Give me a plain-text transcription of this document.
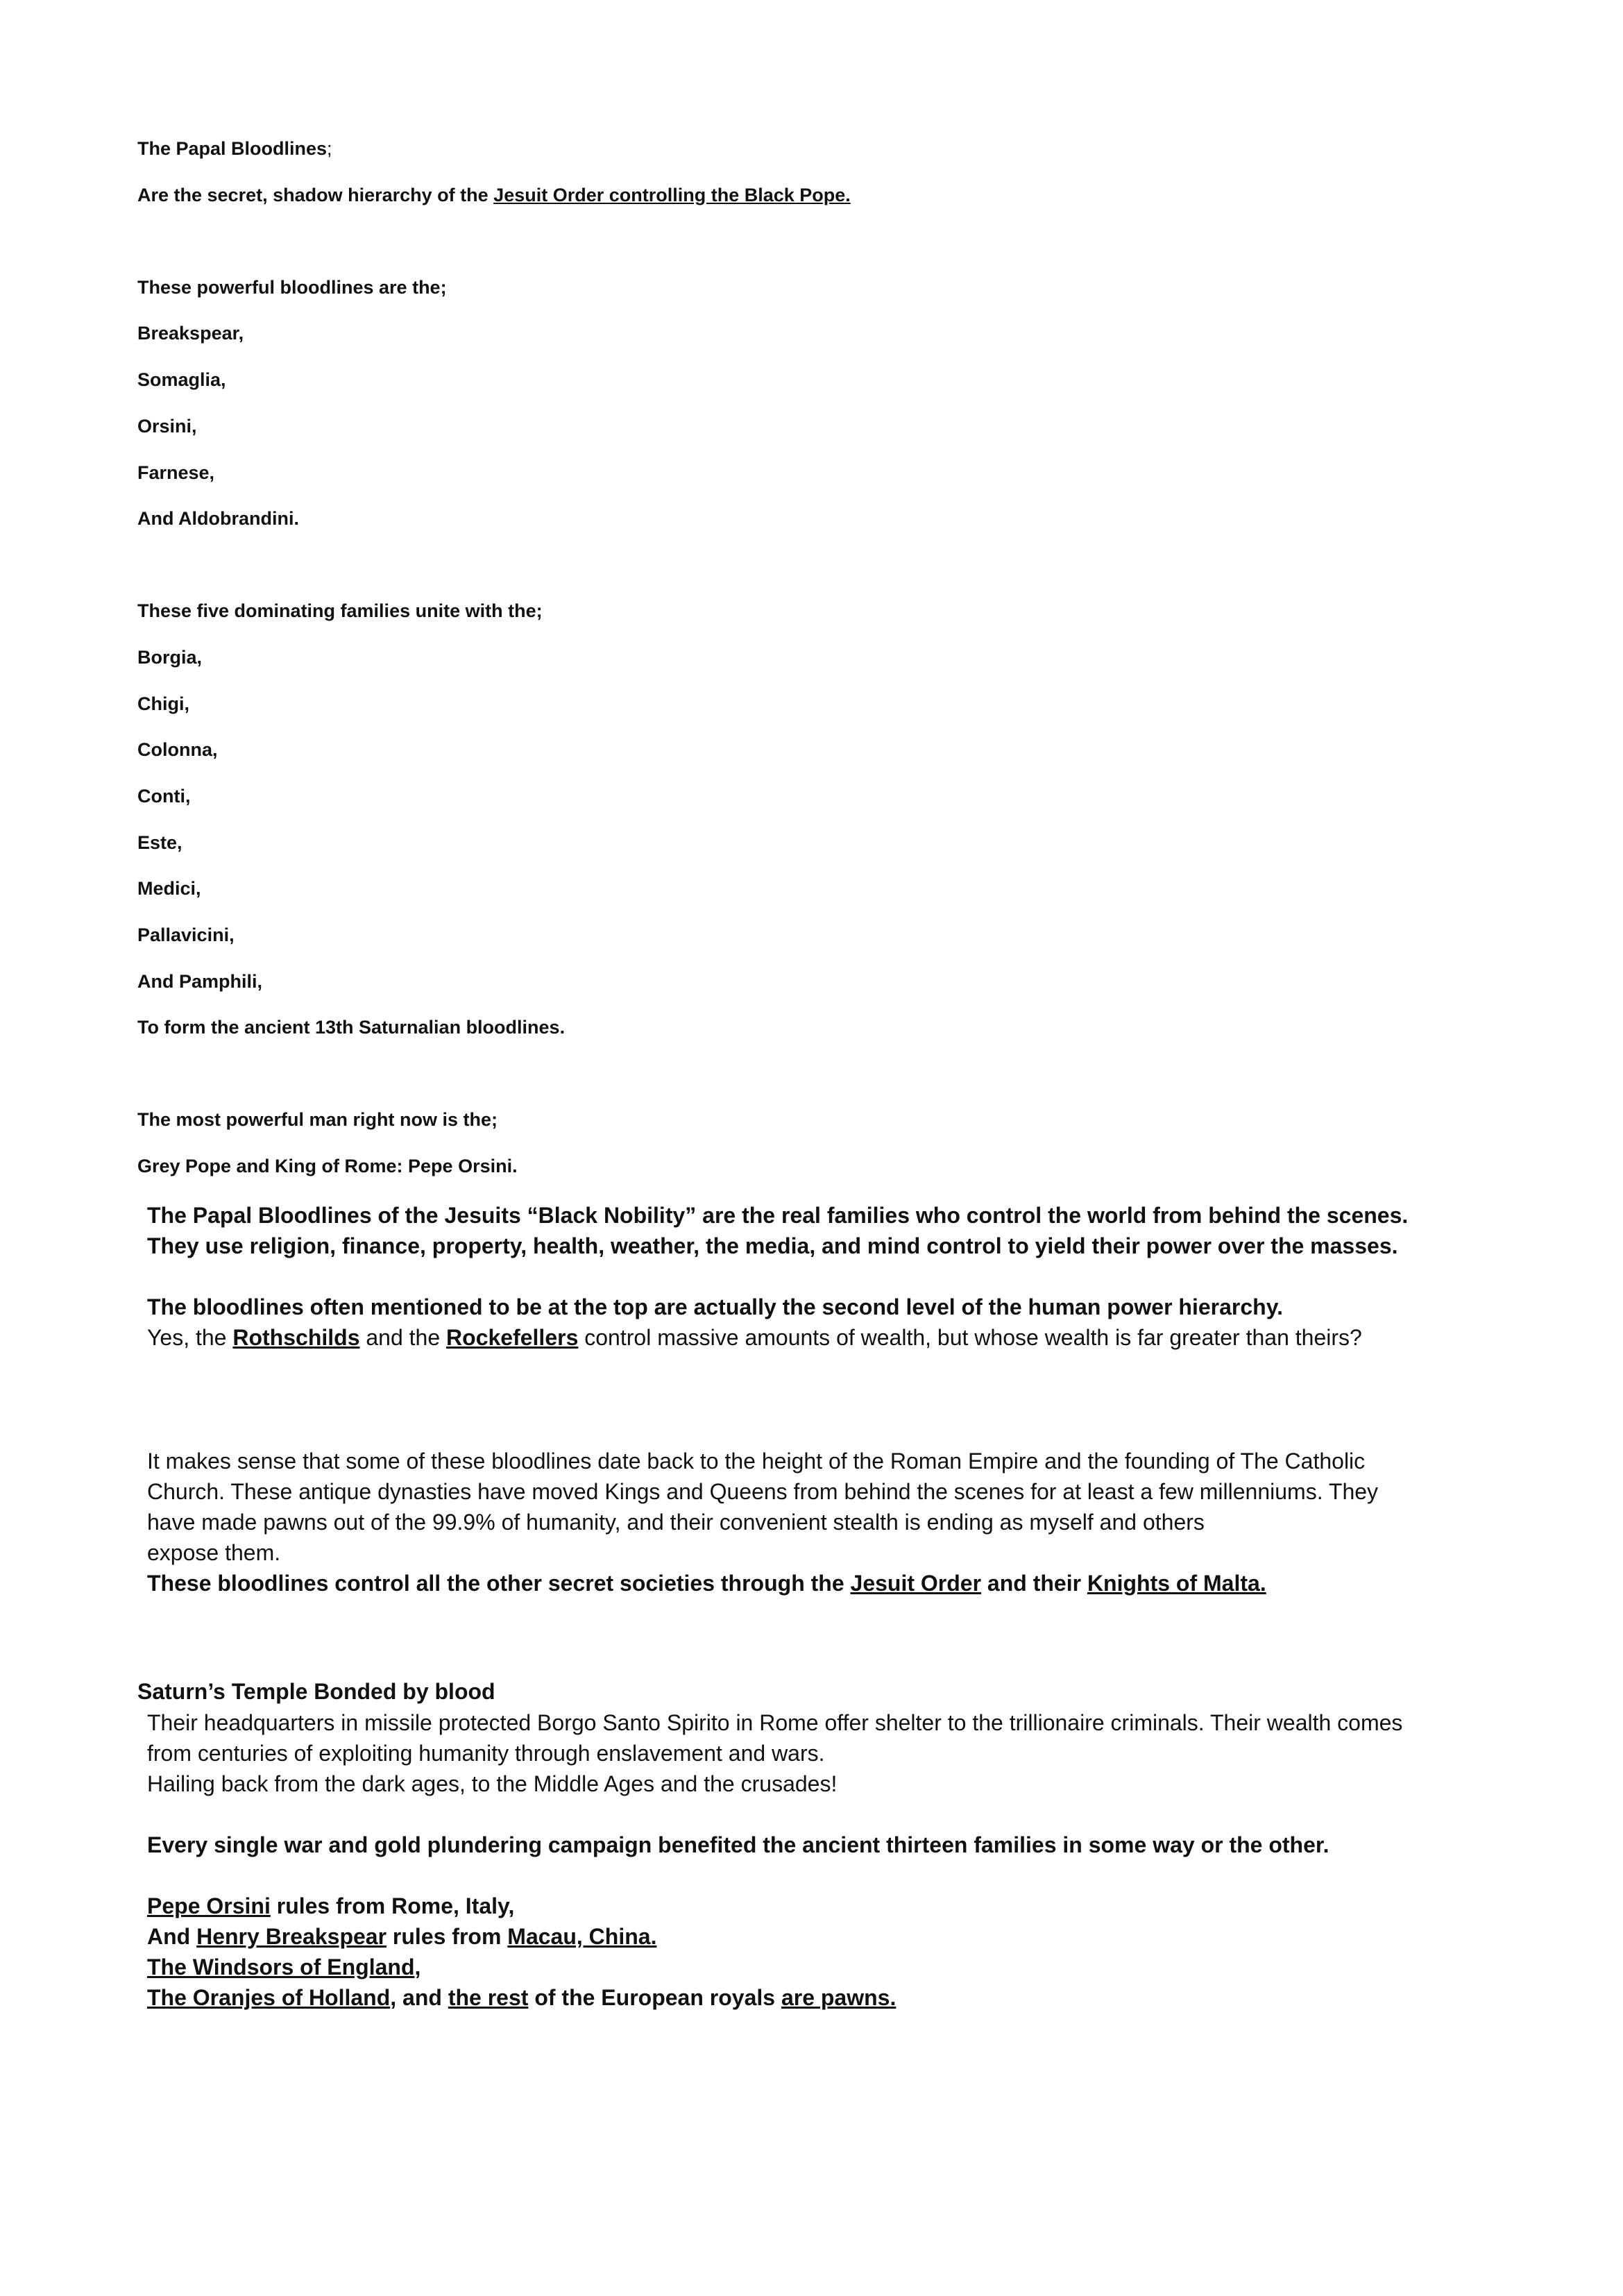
The Papal Bloodlines;
Are the secret, shadow hierarchy of the Jesuit Order controlling the Black Pope.
These powerful bloodlines are the;
Breakspear,
Somaglia,
Orsini,
Farnese,
And Aldobrandini.
These five dominating families unite with the;
Borgia,
Chigi,
Colonna,
Conti,
Este,
Medici,
Pallavicini,
And Pamphili,
To form the ancient 13th Saturnalian bloodlines.
The most powerful man right now is the;
Grey Pope and King of Rome: Pepe Orsini.

The Papal Bloodlines of the Jesuits “Black Nobility” are the real families who control the world from behind the scenes.

They use religion, finance, property, health, weather, the media, and mind control to yield their power over the masses.

The bloodlines often mentioned to be at the top are actually the second level of the human power hierarchy.

Yes, the Rothschilds and the Rockefellers control massive amounts of wealth, but whose wealth is far greater than theirs?

It makes sense that some of these bloodlines date back to the height of the Roman Empire and the founding of The Catholic

Church. These antique dynasties have moved Kings and Queens from behind the scenes for at least a few millenniums. They

have made pawns out of the 99.9% of humanity, and their convenient stealth is ending as myself and others

expose them.

These bloodlines control all the other secret societies through the Jesuit Order and their Knights of Malta.

Saturn’s Temple Bonded by blood

Their headquarters in missile protected Borgo Santo Spirito in Rome offer shelter to the trillionaire criminals. Their wealth comes

from centuries of exploiting humanity through enslavement and wars.

Hailing back from the dark ages, to the Middle Ages and the crusades!

Every single war and gold plundering campaign benefited the ancient thirteen families in some way or the other.

Pepe Orsini rules from Rome, Italy,

And Henry Breakspear rules from Macau, China.

The Windsors of England,

The Oranjes of Holland, and the rest of the European royals are pawns.
